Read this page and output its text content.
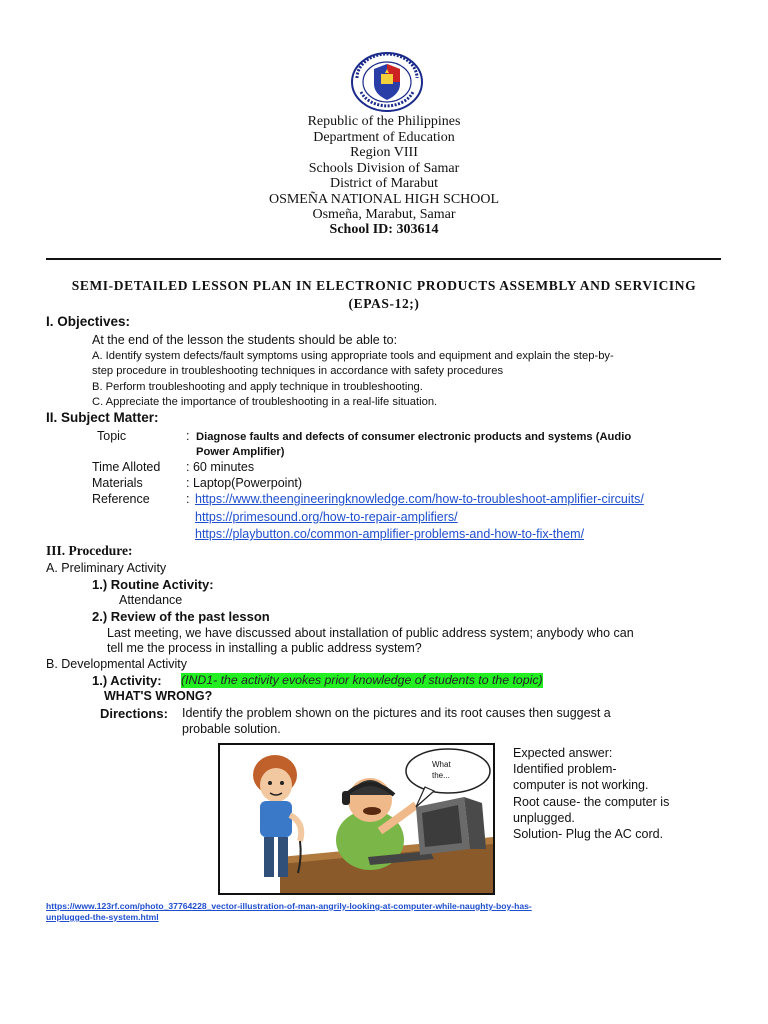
Republic of the Philippines
Department of Education
Region VIII
Schools Division of Samar
District of Marabut
OSMEÑA NATIONAL HIGH SCHOOL
Osmeña, Marabut, Samar
School ID: 303614
SEMI-DETAILED LESSON PLAN IN ELECTRONIC PRODUCTS ASSEMBLY AND SERVICING
(EPAS-12;)
I. Objectives:
At the end of the lesson the students should be able to:
A. Identify system defects/fault symptoms using appropriate tools and equipment and explain the step-by-
step procedure in troubleshooting techniques in accordance with safety procedures
B. Perform troubleshooting and apply technique in troubleshooting.
C. Appreciate the importance of troubleshooting in a real-life situation.
II. Subject Matter:
Topic	: Diagnose faults and defects of consumer electronic products and systems (Audio
Power Amplifier)
Time Alloted : 60 minutes
Materials	: Laptop(Powerpoint)
Reference	: https://www.theengineeringknowledge.com/how-to-troubleshoot-amplifier-circuits/
https://primesound.org/how-to-repair-amplifiers/
https://playbutton.co/common-amplifier-problems-and-how-to-fix-them/
III. Procedure:
A. Preliminary Activity
1.) Routine Activity:
Attendance
2.) Review of the past lesson
Last meeting, we have discussed about installation of public address system; anybody who can
tell me the process in installing a public address system?
B. Developmental Activity
1.) Activity: (IND1- the activity evokes prior knowledge of students to the topic)
WHAT'S WRONG?
Directions: Identify the problem shown on the pictures and its root causes then suggest a
probable solution.
What
the...
Expected answer:
Identified problem-
computer is not working.
Root cause- the computer is
unplugged.
Solution- Plug the AC cord.
https://www.123rf.com/photo_37764228_vector-illustration-of-man-angrily-looking-at-computer-while-naughty-boy-has-
unplugged-the-system.html
